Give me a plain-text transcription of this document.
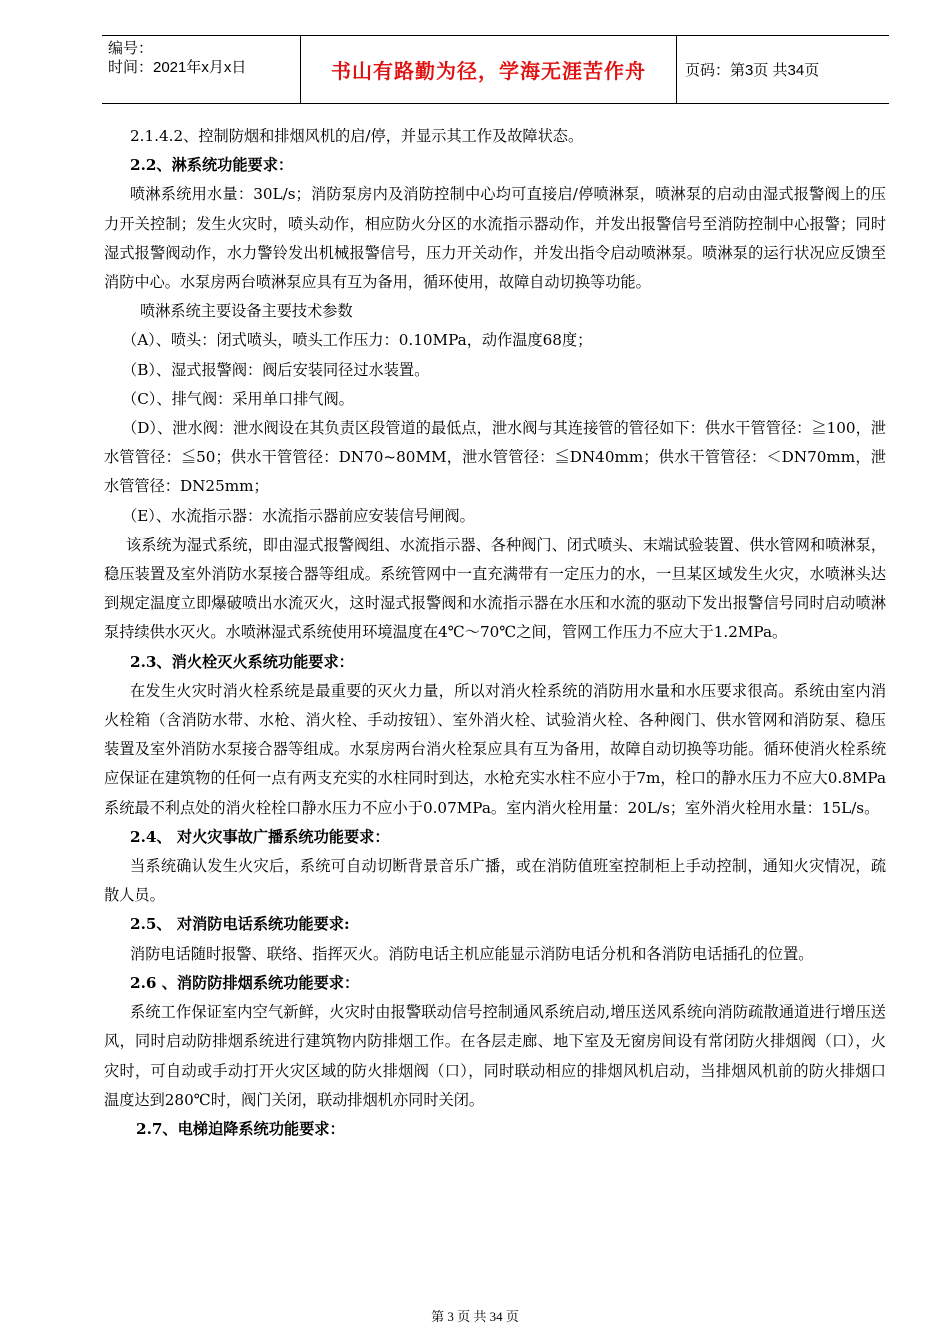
编号：
时间：2021年x月x日	书山有路勤为径，学海无涯苦作舟	页码：第3页 共34页

2.1.4.2、控制防烟和排烟风机的启/停，并显示其工作及故障状态。

2.2、淋系统功能要求：

喷淋系统用水量：30L/s；消防泵房内及消防控制中心均可直接启/停喷淋泵，喷淋泵的启动由湿式报警阀上的压力开关控制；发生火灾时，喷头动作，相应防火分区的水流指示器动作，并发出报警信号至消防控制中心报警；同时湿式报警阀动作，水力警铃发出机械报警信号，压力开关动作，并发出指令启动喷淋泵。喷淋泵的运行状况应反馈至消防中心。水泵房两台喷淋泵应具有互为备用，循环使用，故障自动切换等功能。

喷淋系统主要设备主要技术参数

（A）、喷头：闭式喷头，喷头工作压力：0.10MPa，动作温度68度；

（B）、湿式报警阀：阀后安装同径过水装置。

（C）、排气阀：采用单口排气阀。

（D）、泄水阀：泄水阀设在其负责区段管道的最低点，泄水阀与其连接管的管径如下：供水干管管径：≧100，泄水管管径：≦50；供水干管管径：DN70~80MM，泄水管管径：≦DN40mm；供水干管管径：＜DN70mm，泄水管管径：DN25mm；

（E）、水流指示器：水流指示器前应安装信号闸阀。

该系统为湿式系统，即由湿式报警阀组、水流指示器、各种阀门、闭式喷头、末端试验装置、供水管网和喷淋泵，稳压装置及室外消防水泵接合器等组成。系统管网中一直充满带有一定压力的水，一旦某区域发生火灾，水喷淋头达到规定温度立即爆破喷出水流灭火，这时湿式报警阀和水流指示器在水压和水流的驱动下发出报警信号同时启动喷淋泵持续供水灭火。水喷淋湿式系统使用环境温度在4℃～70℃之间，管网工作压力不应大于1.2MPa。

2.3、消火栓灭火系统功能要求：

在发生火灾时消火栓系统是最重要的灭火力量，所以对消火栓系统的消防用水量和水压要求很高。系统由室内消火栓箱（含消防水带、水枪、消火栓、手动按钮）、室外消火栓、试验消火栓、各种阀门、供水管网和消防泵、稳压装置及室外消防水泵接合器等组成。水泵房两台消火栓泵应具有互为备用，故障自动切换等功能。循环使消火栓系统应保证在建筑物的任何一点有两支充实的水柱同时到达，水枪充实水柱不应小于7m，栓口的静水压力不应大0.8MPa系统最不利点处的消火栓栓口静水压力不应小于0.07MPa。室内消火栓用量：20L/s；室外消火栓用水量：15L/s。

2.4、 对火灾事故广播系统功能要求：

当系统确认发生火灾后，系统可自动切断背景音乐广播，或在消防值班室控制柜上手动控制，通知火灾情况，疏散人员。

2.5、 对消防电话系统功能要求:

消防电话随时报警、联络、指挥灭火。消防电话主机应能显示消防电话分机和各消防电话插孔的位置。

2.6 、消防防排烟系统功能要求：

系统工作保证室内空气新鲜，火灾时由报警联动信号控制通风系统启动,增压送风系统向消防疏散通道进行增压送风，同时启动防排烟系统进行建筑物内防排烟工作。在各层走廊、地下室及无窗房间设有常闭防火排烟阀（口），火灾时，可自动或手动打开火灾区域的防火排烟阀（口），同时联动相应的排烟风机启动，当排烟风机前的防火排烟口温度达到280℃时，阀门关闭，联动排烟机亦同时关闭。

2.7、电梯迫降系统功能要求：

第 3 页 共 34 页
